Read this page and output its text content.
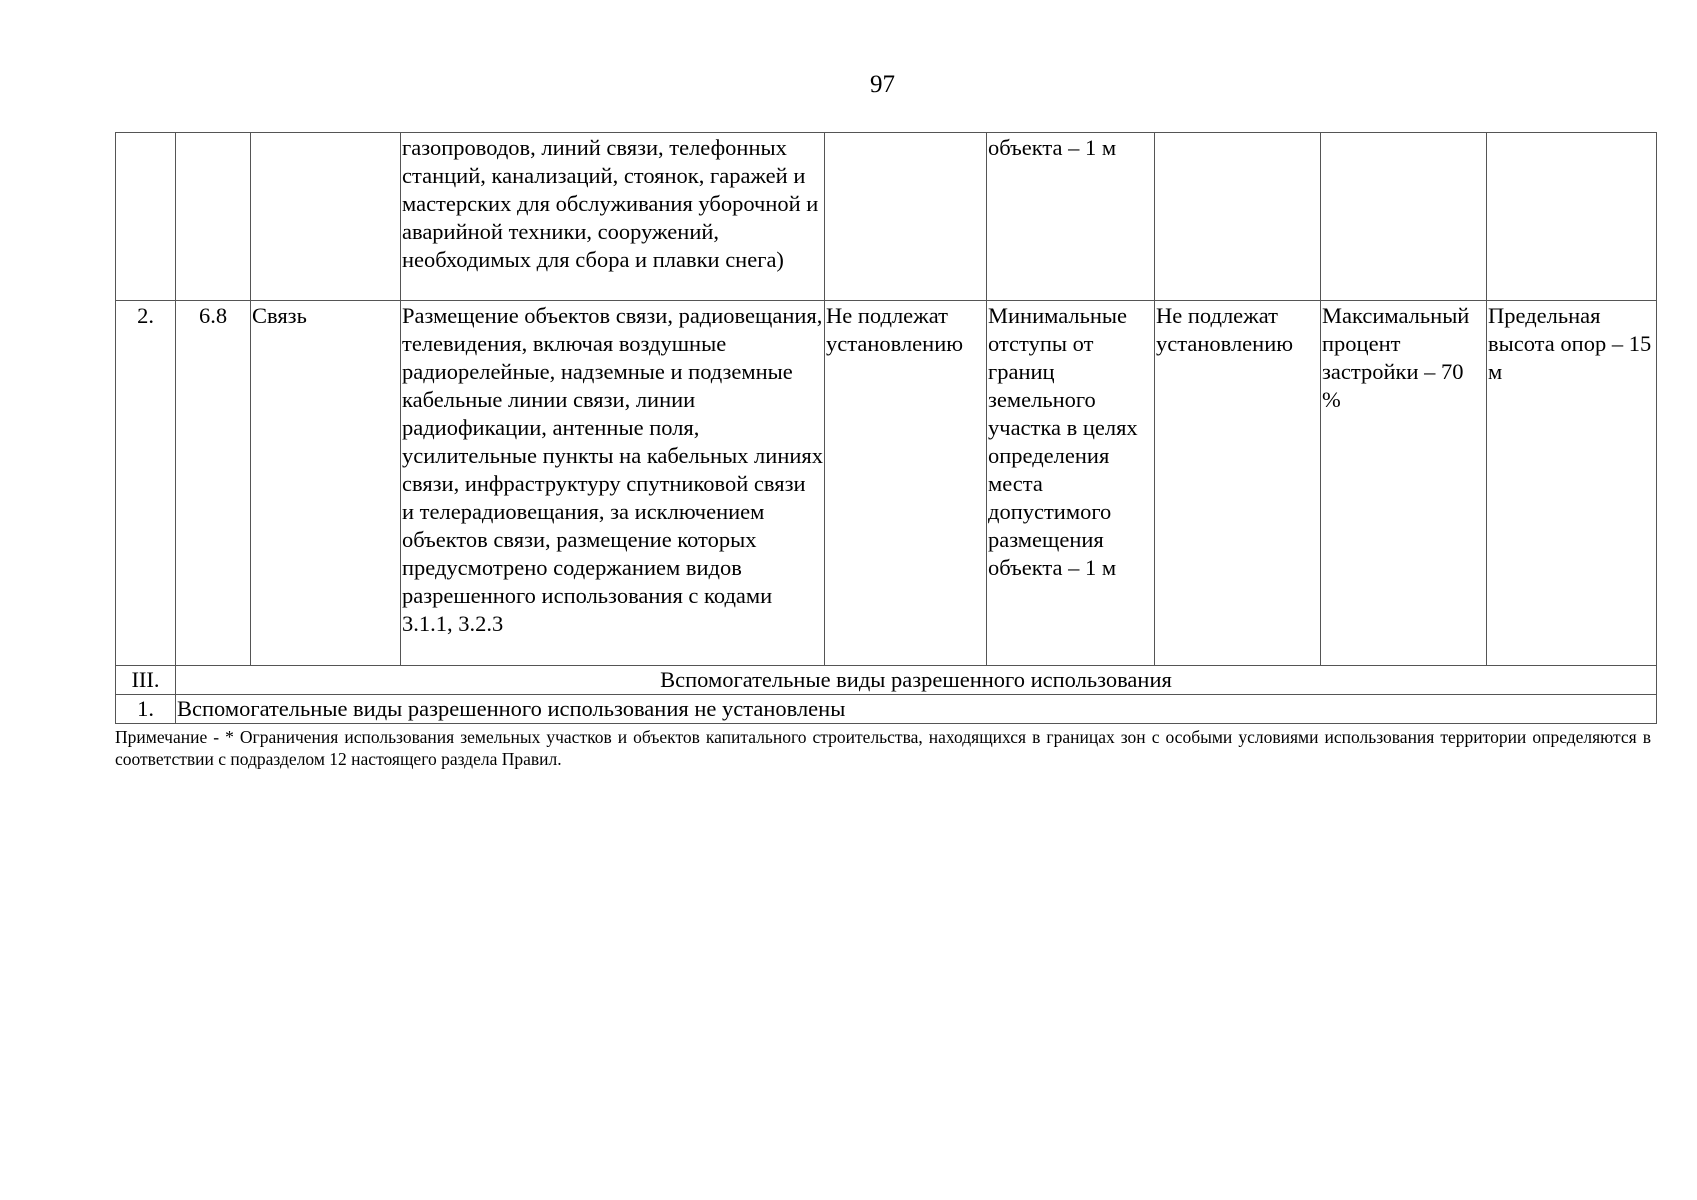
97
			газопроводов, линий связи, телефонных станций, канализаций, стоянок, гаражей и мастерских для обслуживания уборочной и аварийной техники, сооружений, необходимых для сбора и плавки снега)		объекта – 1 м			
2.	6.8	Связь	Размещение объектов связи, радиовещания, телевидения, включая воздушные радиорелейные, надземные и подземные кабельные линии связи, линии радиофикации, антенные поля, усилительные пункты на кабельных линиях связи, инфраструктуру спутниковой связи и телерадиовещания, за исключением объектов связи, размещение которых предусмотрено содержанием видов разрешенного использования с кодами 3.1.1, 3.2.3	Не подлежат установлению	Минимальные отступы от границ земельного участка в целях определения места допустимого размещения объекта – 1 м	Не подлежат установлению	Максимальный процент застройки – 70 %	Предельная высота опор – 15 м
III.	Вспомогательные виды разрешенного использования							
1.	Вспомогательные виды разрешенного использования не установлены							
Примечание - * Ограничения использования земельных участков и объектов капитального строительства, находящихся в границах зон с особыми условиями использования территории определяются в соответствии с подразделом 12 настоящего раздела Правил.
